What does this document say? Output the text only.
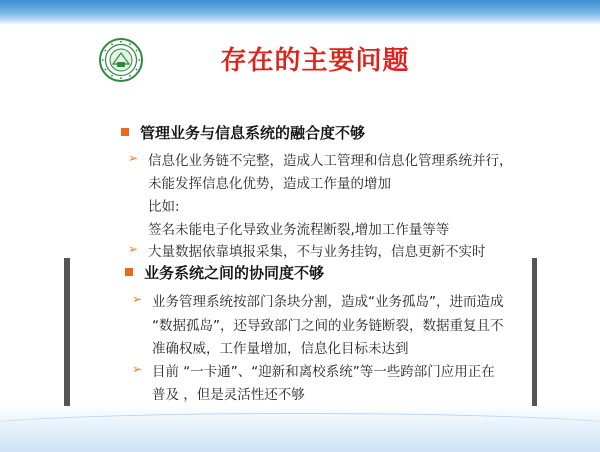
存在的主要问题
管理业务与信息系统的融合度不够
➢ 信息化业务链不完整，造成人工管理和信息化管理系统并行，
未能发挥信息化优势，造成工作量的增加
比如:
签名未能电子化导致业务流程断裂,增加工作量等等
➢ 大量数据依靠填报采集，不与业务挂钩，信息更新不实时
业务系统之间的协同度不够
➢ 业务管理系统按部门条块分割，造成“业务孤岛”，进而造成
“数据孤岛”，还导致部门之间的业务链断裂，数据重复且不
准确权威，工作量增加，信息化目标未达到
➢ 目前 “一卡通”、“迎新和离校系统”等一些跨部门应用正在
普及 ，但是灵活性还不够
